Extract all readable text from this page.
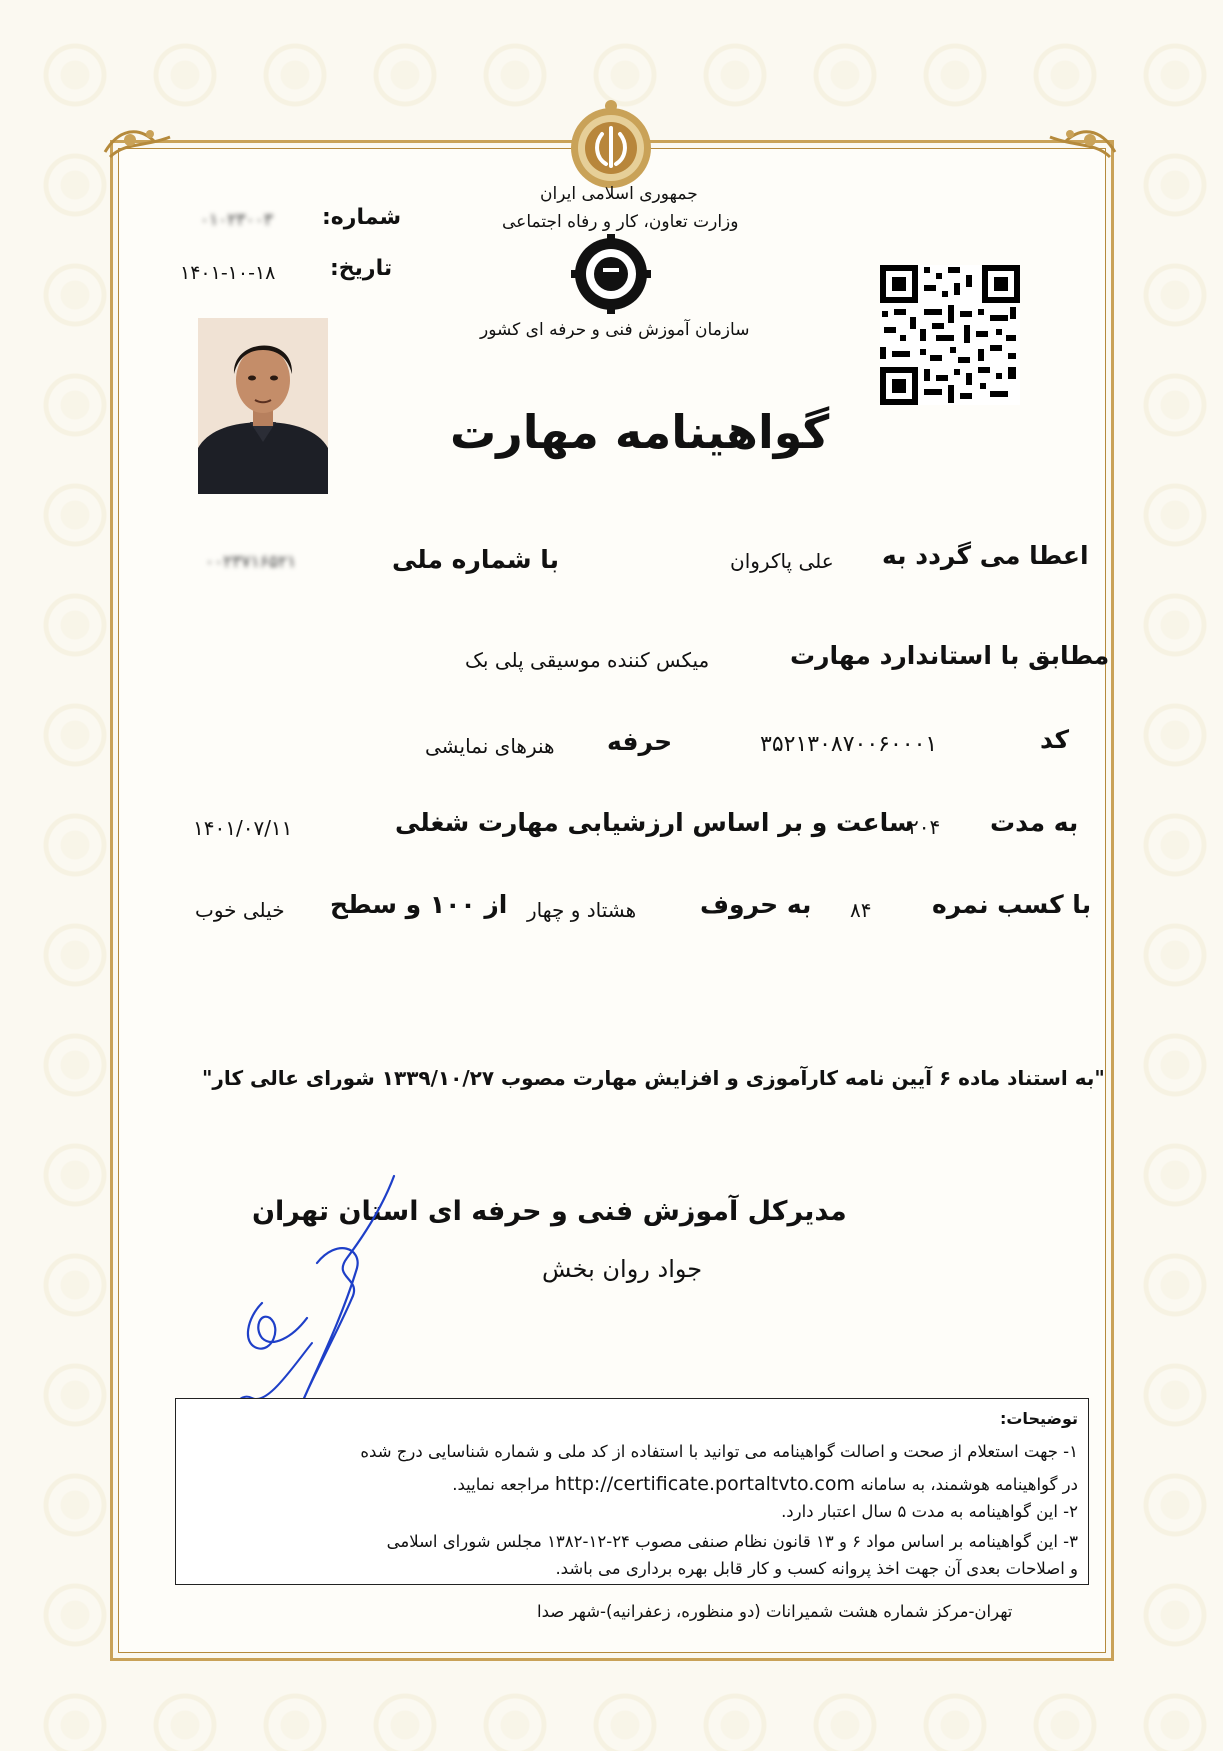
جمهوری اسلامی ایران
وزارت تعاون، کار و رفاه اجتماعی
سازمان آموزش فنی و حرفه ای کشور
شماره:
۰۱۰۲۳۰۰۳
تاریخ:
۱۴۰۱-۱۰-۱۸
گواهینامه مهارت
اعطا می گردد به
علی پاکروان
با شماره ملی
۰۰۲۳۷۱۶۵۲۱
مطابق با استاندارد مهارت
میکس کننده موسیقی پلی بک
کد
۳۵۲۱۳۰۸۷۰۰۶۰۰۰۱
حرفه
هنرهای نمایشی
به مدت
۲۰۴
ساعت و بر اساس ارزشیابی مهارت شغلی
۱۴۰۱/۰۷/۱۱
با کسب نمره
۸۴
به حروف
هشتاد و چهار
از ۱۰۰ و سطح
خیلی خوب
"به استناد ماده ۶ آیین نامه کارآموزی و افزایش مهارت مصوب ۱۳۳۹/۱۰/۲۷ شورای عالی کار"
مدیرکل آموزش فنی و حرفه ای استان تهران
جواد روان بخش
توضیحات:
۱- جهت استعلام از صحت و اصالت گواهینامه می توانید با استفاده از کد ملی و شماره شناسایی درج شده
در گواهینامه هوشمند، به سامانه http://certificate.portaltvto.com مراجعه نمایید.
۲- این گواهینامه به مدت ۵ سال اعتبار دارد.
۳- این گواهینامه بر اساس مواد ۶ و ۱۳ قانون نظام صنفی مصوب ۲۴-۱۲-۱۳۸۲ مجلس شورای اسلامی
و اصلاحات بعدی آن جهت اخذ پروانه کسب و کار قابل بهره برداری می باشد.
تهران-مرکز شماره هشت شمیرانات (دو منظوره، زعفرانیه)-شهر صدا
